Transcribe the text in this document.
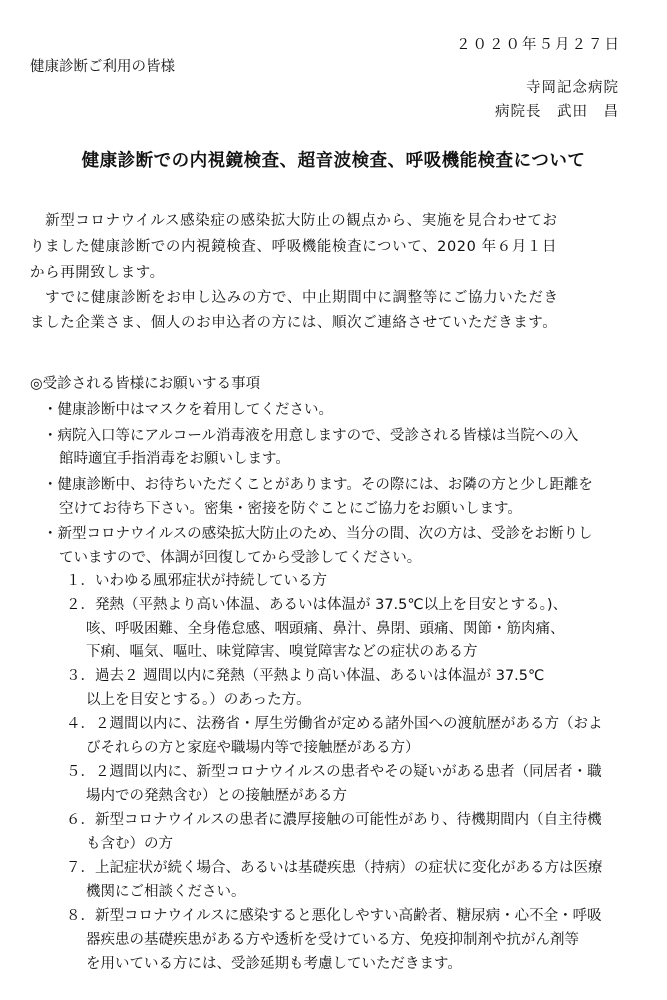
２０２０年５月２７日
健康診断ご利用の皆様
寺岡記念病院
病院長　武田　昌
健康診断での内視鏡検査、超音波検査、呼吸機能検査について
　新型コロナウイルス感染症の感染拡大防止の観点から、実施を見合わせてお
りました健康診断での内視鏡検査、呼吸機能検査について、2020 年６月１日
から再開致します。
　すでに健康診断をお申し込みの方で、中止期間中に調整等にご協力いただき
ました企業さま、個人のお申込者の方には、順次ご連絡させていただきます。
◎受診される皆様にお願いする事項
・健康診断中はマスクを着用してください。
・病院入口等にアルコール消毒液を用意しますので、受診される皆様は当院への入
館時適宜手指消毒をお願いします。
・健康診断中、お待ちいただくことがあります。その際には、お隣の方と少し距離を
空けてお待ち下さい。密集・密接を防ぐことにご協力をお願いします。
・新型コロナウイルスの感染拡大防止のため、当分の間、次の方は、受診をお断りし
ていますので、体調が回復してから受診してください。
１．いわゆる風邪症状が持続している方
２．発熱（平熱より高い体温、あるいは体温が 37.5℃以上を目安とする。)、
咳、呼吸困難、全身倦怠感、咽頭痛、鼻汁、鼻閉、頭痛、関節・筋肉痛、
下痢、嘔気、嘔吐、味覚障害、嗅覚障害などの症状のある方
３．過去２ 週間以内に発熱（平熱より高い体温、あるいは体温が 37.5℃
以上を目安とする。）のあった方。
４．２週間以内に、法務省・厚生労働省が定める諸外国への渡航歴がある方（およ
びそれらの方と家庭や職場内等で接触歴がある方）
５．２週間以内に、新型コロナウイルスの患者やその疑いがある患者（同居者・職
場内での発熱含む）との接触歴がある方
６．新型コロナウイルスの患者に濃厚接触の可能性があり、待機期間内（自主待機
も含む）の方
７．上記症状が続く場合、あるいは基礎疾患（持病）の症状に変化がある方は医療
機関にご相談ください。
８．新型コロナウイルスに感染すると悪化しやすい高齢者、糖尿病・心不全・呼吸
器疾患の基礎疾患がある方や透析を受けている方、免疫抑制剤や抗がん剤等
を用いている方には、受診延期も考慮していただきます。
